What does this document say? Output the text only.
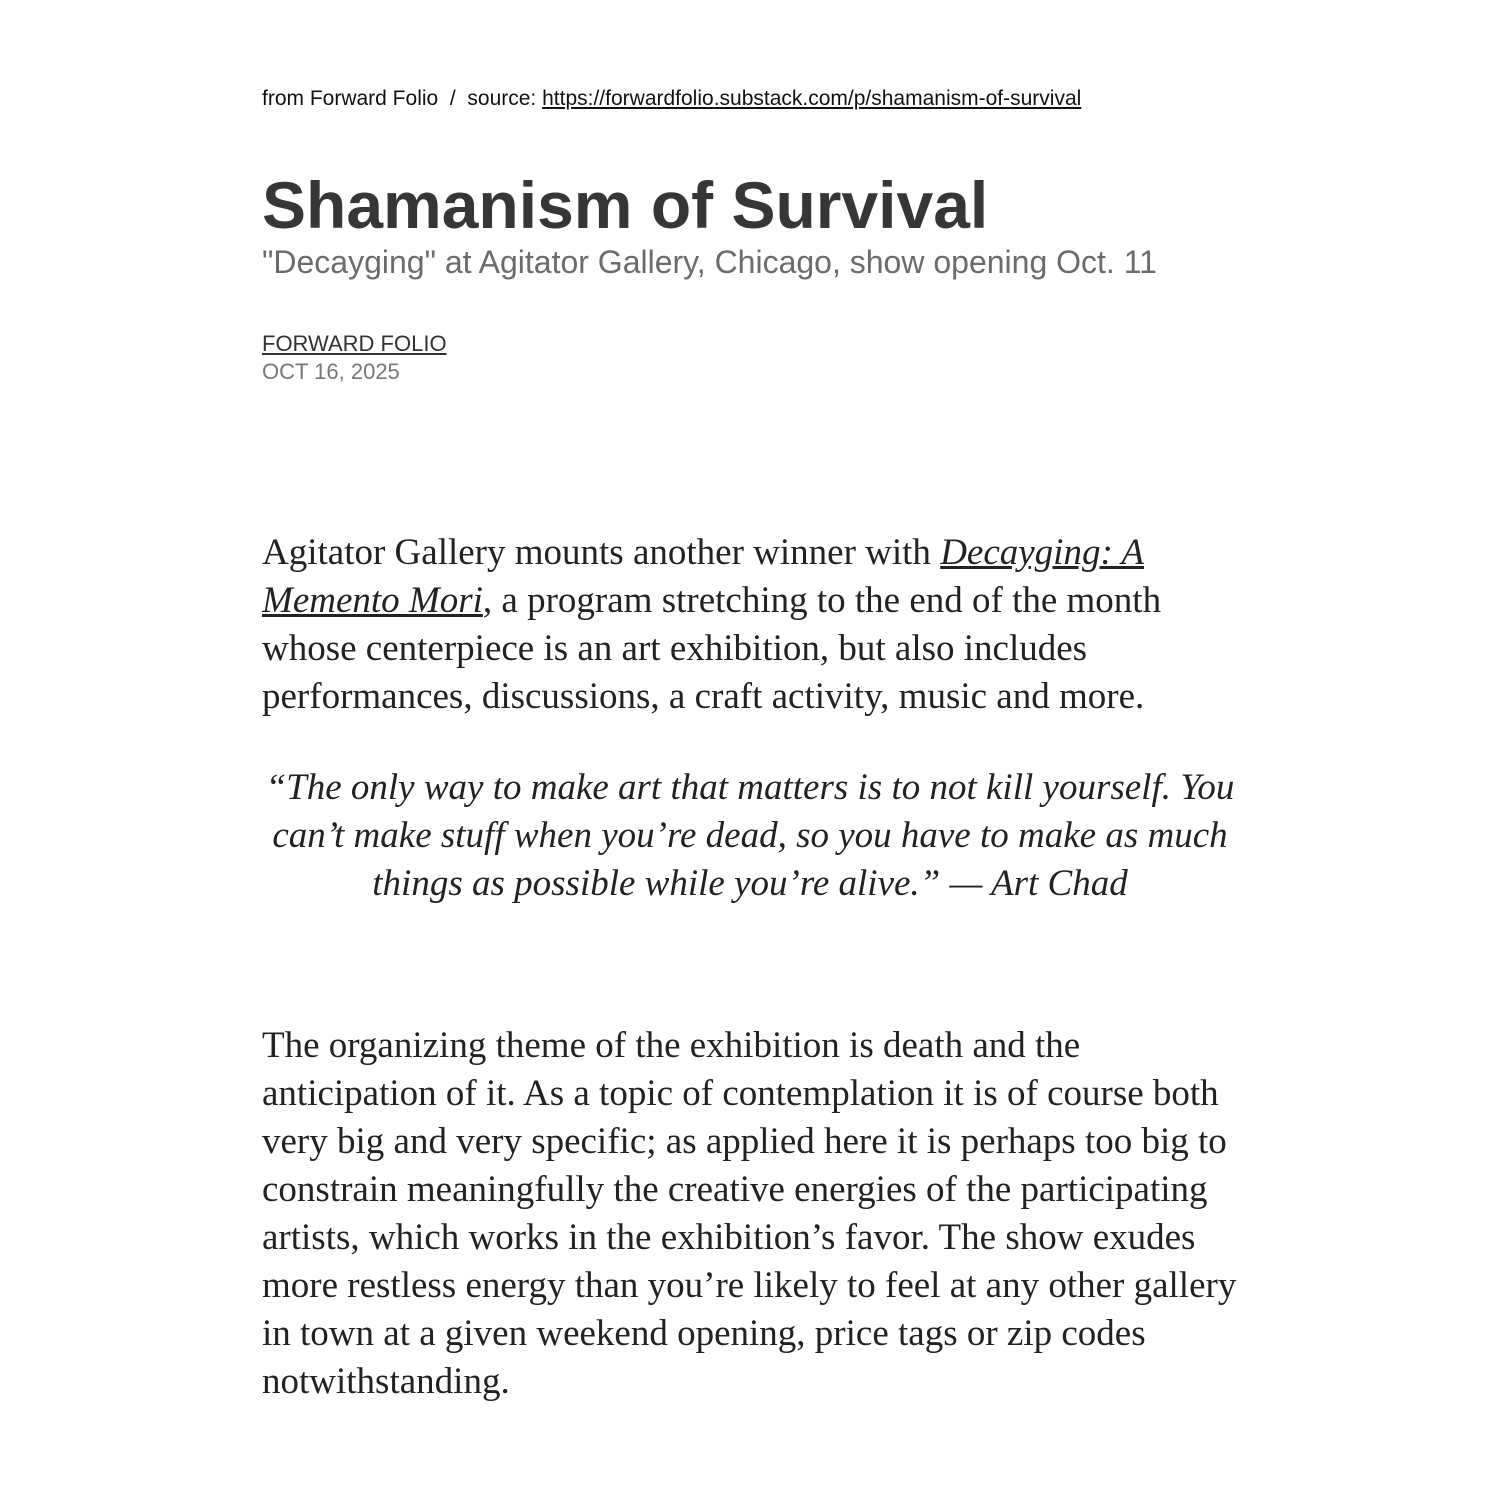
from Forward Folio / source: https://forwardfolio.substack.com/p/shamanism-of-survival
Shamanism of Survival
"Decayging" at Agitator Gallery, Chicago, show opening Oct. 11
FORWARD FOLIO
OCT 16, 2025

Agitator Gallery mounts another winner with Decayging: A Memento Mori, a program stretching to the end of the month whose centerpiece is an art exhibition, but also includes performances, discussions, a craft activity, music and more.

“The only way to make art that matters is to not kill yourself. You can’t make stuff when you’re dead, so you have to make as much things as possible while you’re alive.” — Art Chad

The organizing theme of the exhibition is death and the anticipation of it. As a topic of contemplation it is of course both very big and very specific; as applied here it is perhaps too big to constrain meaningfully the creative energies of the participating artists, which works in the exhibition’s favor. The show exudes more restless energy than you’re likely to feel at any other gallery in town at a given weekend opening, price tags or zip codes notwithstanding.
